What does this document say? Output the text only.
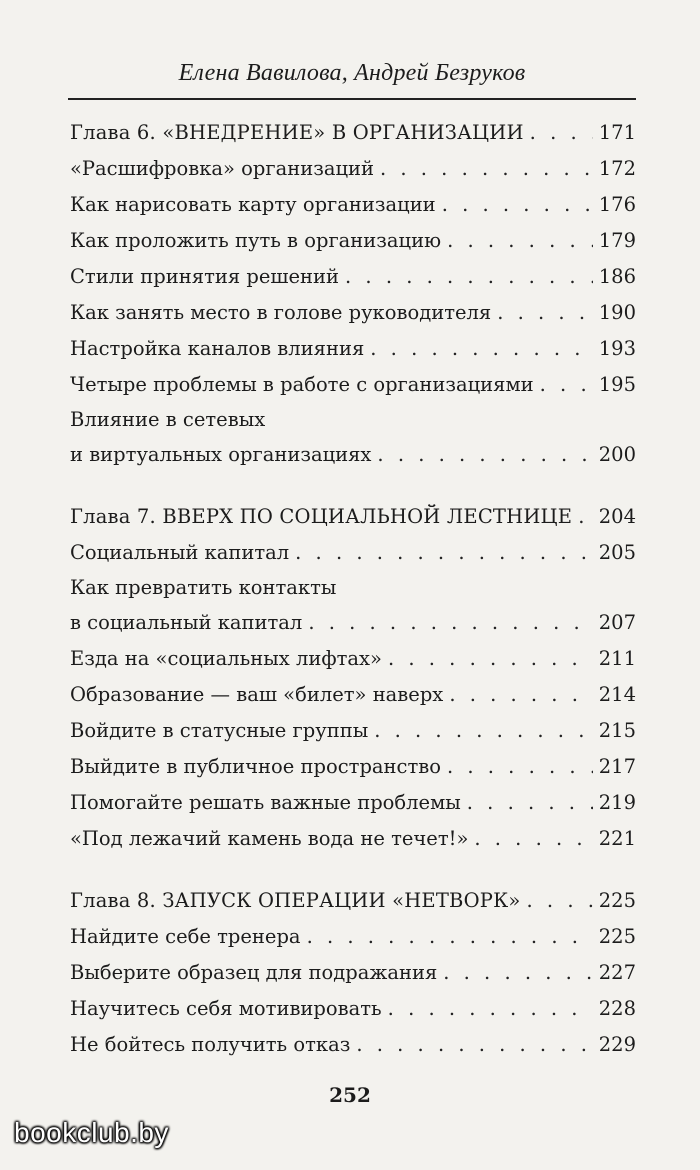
Елена Вавилова, Андрей Безруков
Глава 6. «ВНЕДРЕНИЕ» В ОРГАНИЗАЦИИ . . .	171
«Расшифровка» организаций . . .	172
Как нарисовать карту организации . . .	176
Как проложить путь в организацию . . .	179
Стили принятия решений . . .	186
Как занять место в голове руководителя . . .	190
Настройка каналов влияния . . .	193
Четыре проблемы в работе с организациями . . .	195
Влияние в сетевых
и виртуальных организациях . . .	200
Глава 7. ВВЕРХ ПО СОЦИАЛЬНОЙ ЛЕСТНИЦЕ . . . 204
Социальный капитал . . .	205
Как превратить контакты
в социальный капитал . . .	207
Езда на «социальных лифтах» . . .	211
Образование — ваш «билет» наверх . . .	214
Войдите в статусные группы . . .	215
Выйдите в публичное пространство . . .	217
Помогайте решать важные проблемы . . .	219
«Под лежачий камень вода не течет!» . . .	221
Глава 8. ЗАПУСК ОПЕРАЦИИ «НЕТВОРК» . . .	225
Найдите себе тренера . . .	225
Выберите образец для подражания . . .	227
Научитесь себя мотивировать . . .	228
Не бойтесь получить отказ . . .	229
252
bookclub.by
